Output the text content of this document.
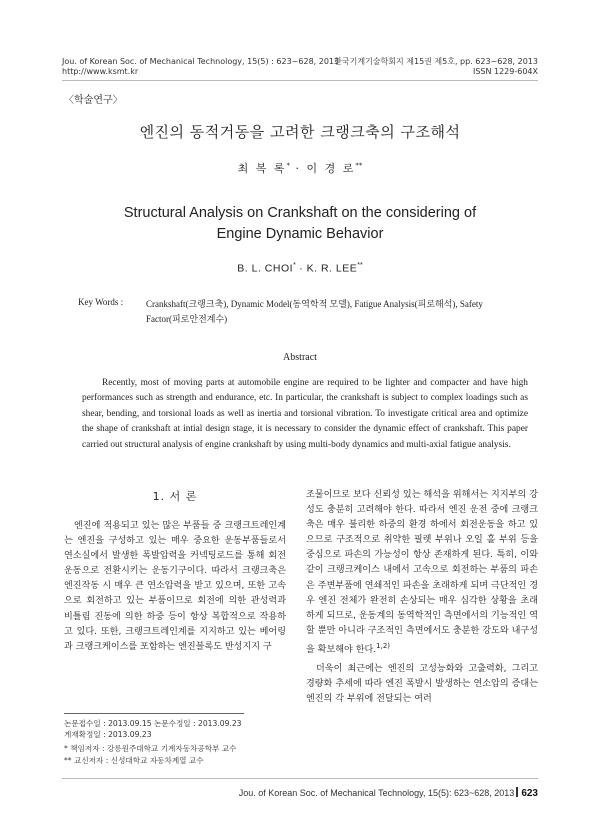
Jou. of Korean Soc. of Mechanical Technology, 15(5) : 623~628, 2013
http://www.ksmt.kr
한국기계기술학회지 제15권 제5호, pp. 623~628, 2013
ISSN 1229-604X
〈학술연구〉
엔진의 동적거동을 고려한 크랭크축의 구조해석
최 복 록* · 이 경 로**
Structural Analysis on Crankshaft on the considering of Engine Dynamic Behavior
B. L. CHOI* · K. R. LEE**
Key Words :	Crankshaft(크랭크축), Dynamic Model(동역학적 모델), Fatigue Analysis(피로해석), Safety Factor(피로안전계수)
Abstract
Recently, most of moving parts at automobile engine are required to be lighter and compacter and have high performances such as strength and endurance, etc. In particular, the crankshaft is subject to complex loadings such as shear, bending, and torsional loads as well as inertia and torsional vibration. To investigate critical area and optimize the shape of crankshaft at intial design stage, it is necessary to consider the dynamic effect of crankshaft. This paper carried out structural analysis of engine crankshaft by using multi-body dynamics and multi-axial fatigue analysis.
1. 서 론

엔진에 적용되고 있는 많은 부품들 중 크랭크트레인계는 엔진을 구성하고 있는 매우 중요한 운동부품들로서 연소실에서 발생한 폭발압력을 커넥팅로드를 통해 회전운동으로 전환시키는 운동기구이다. 따라서 크랭크축은 엔진작동 시 매우 큰 연소압력을 받고 있으며, 또한 고속으로 회전하고 있는 부품이므로 회전에 의한 관성력과 비틀림 진동에 의한 하중 등이 항상 복합적으로 작용하고 있다. 또한, 크랭크트레인계를 지지하고 있는 베어링과 크랭크케이스를 포함하는 엔진블록도 반성지지 구

조물이므로 보다 신뢰성 있는 해석을 위해서는 지지부의 강성도 충분히 고려해야 한다. 따라서 엔진 운전 중에 크랭크축은 매우 불리한 하중의 환경 하에서 회전운동을 하고 있으므로 구조적으로 취약한 필렛 부위나 오일 홀 부위 등을 중심으로 파손의 가능성이 항상 존재하게 된다. 특히, 이와 같이 크랭크케이스 내에서 고속으로 회전하는 부품의 파손은 주변부품에 연쇄적인 파손을 초래하게 되며 극단적인 경우 엔진 전체가 완전히 손상되는 매우 심각한 상황을 초래하게 되므로, 운동계의 동역학적인 측면에서의 기능적인 역할 뿐만 아니라 구조적인 측면에서도 충분한 강도와 내구성을 확보해야 한다.$^{1,2)}$

더욱이 최근에는 엔진의 고성능화와 고출력화, 그리고 경량화 추세에 따라 엔진 폭발시 발생하는 연소압의 증대는 엔진의 각 부위에 전달되는 여러

논문접수일 : 2013.09.15 논문수정일 : 2013.09.23
게재확정일 : 2013.09.23
* 책임저자 : 강릉원주대학교 기계자동차공학부 교수
** 교신저자 : 신성대학교 자동차계열 교수
Jou. of Korean Soc. of Mechanical Technology, 15(5): 623~628, 2013 623
